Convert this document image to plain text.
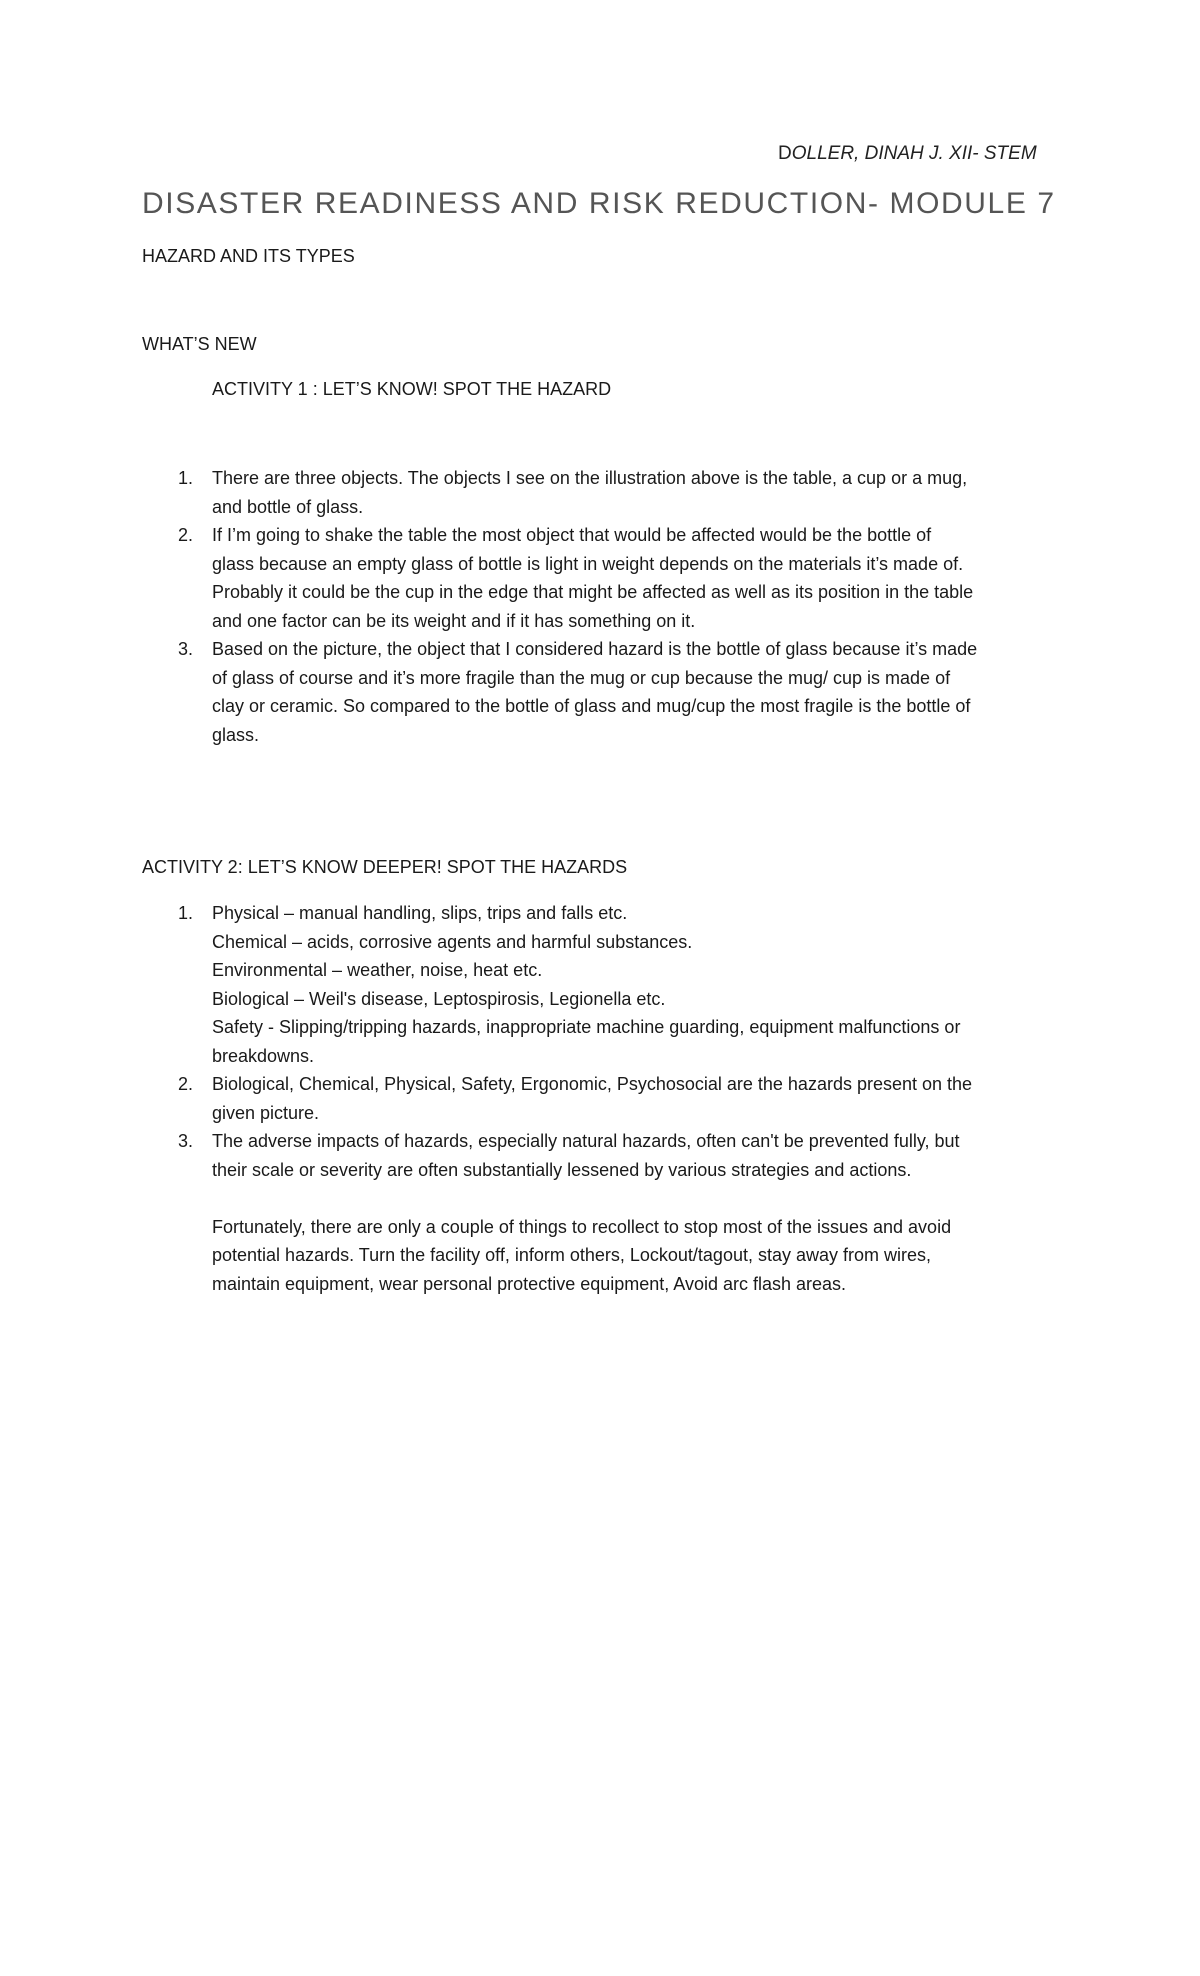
DOLLER, DINAH J. XII- STEM
DISASTER READINESS AND RISK REDUCTION- MODULE 7
HAZARD AND ITS TYPES
WHAT’S NEW
ACTIVITY 1 : LET’S KNOW! SPOT THE HAZARD
1. There are three objects. The objects I see on the illustration above is the table, a cup or a mug,
and bottle of glass.
2. If I’m going to shake the table the most object that would be affected would be the bottle of
glass because an empty glass of bottle is light in weight depends on the materials it’s made of.
Probably it could be the cup in the edge that might be affected as well as its position in the table
and one factor can be its weight and if it has something on it.
3. Based on the picture, the object that I considered hazard is the bottle of glass because it’s made
of glass of course and it’s more fragile than the mug or cup because the mug/ cup is made of
clay or ceramic. So compared to the bottle of glass and mug/cup the most fragile is the bottle of
glass.
ACTIVITY 2: LET’S KNOW DEEPER! SPOT THE HAZARDS
1. Physical – manual handling, slips, trips and falls etc.
Chemical – acids, corrosive agents and harmful substances.
Environmental – weather, noise, heat etc.
Biological – Weil's disease, Leptospirosis, Legionella etc.
Safety - Slipping/tripping hazards, inappropriate machine guarding, equipment malfunctions or
breakdowns.
2. Biological, Chemical, Physical, Safety, Ergonomic, Psychosocial are the hazards present on the
given picture.
3. The adverse impacts of hazards, especially natural hazards, often can't be prevented fully, but
their scale or severity are often substantially lessened by various strategies and actions.
Fortunately, there are only a couple of things to recollect to stop most of the issues and avoid
potential hazards. Turn the facility off, inform others, Lockout/tagout, stay away from wires,
maintain equipment, wear personal protective equipment, Avoid arc flash areas.
